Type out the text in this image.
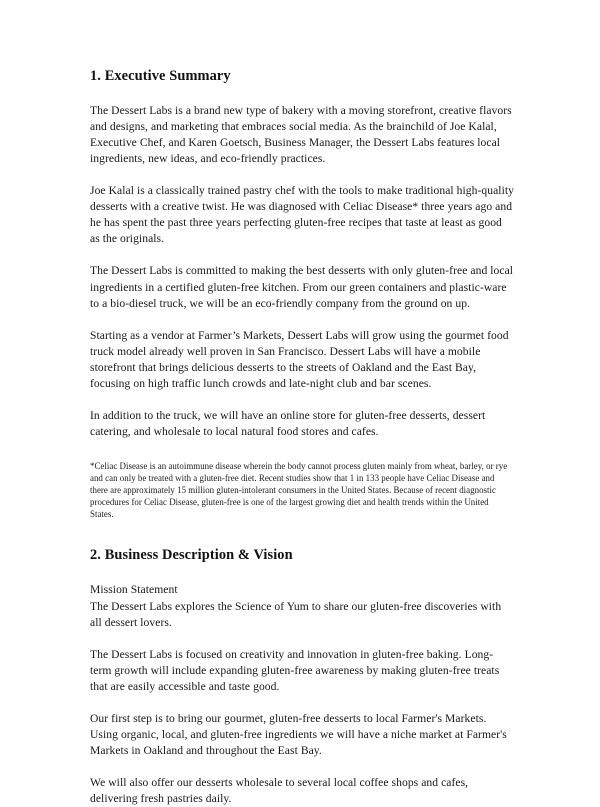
1. Executive Summary

The Dessert Labs is a brand new type of bakery with a moving storefront, creative flavors and designs, and marketing that embraces social media. As the brainchild of Joe Kalal, Executive Chef, and Karen Goetsch, Business Manager, the Dessert Labs features local ingredients, new ideas, and eco-friendly practices.

Joe Kalal is a classically trained pastry chef with the tools to make traditional high-quality desserts with a creative twist. He was diagnosed with Celiac Disease* three years ago and he has spent the past three years perfecting gluten-free recipes that taste at least as good as the originals.

The Dessert Labs is committed to making the best desserts with only gluten-free and local ingredients in a certified gluten-free kitchen. From our green containers and plastic-ware to a bio-diesel truck, we will be an eco-friendly company from the ground on up.

Starting as a vendor at Farmer’s Markets, Dessert Labs will grow using the gourmet food truck model already well proven in San Francisco. Dessert Labs will have a mobile storefront that brings delicious desserts to the streets of Oakland and the East Bay, focusing on high traffic lunch crowds and late-night club and bar scenes.

In addition to the truck, we will have an online store for gluten-free desserts, dessert catering, and wholesale to local natural food stores and cafes.

*Celiac Disease is an autoimmune disease wherein the body cannot process gluten mainly from wheat, barley, or rye and can only be treated with a gluten-free diet. Recent studies show that 1 in 133 people have Celiac Disease and there are approximately 15 million gluten-intolerant consumers in the United States. Because of recent diagnostic procedures for Celiac Disease, gluten-free is one of the largest growing diet and health trends within the United States.

2. Business Description & Vision

Mission Statement

The Dessert Labs explores the Science of Yum to share our gluten-free discoveries with all dessert lovers.

The Dessert Labs is focused on creativity and innovation in gluten-free baking. Long-term growth will include expanding gluten-free awareness by making gluten-free treats that are easily accessible and taste good.

Our first step is to bring our gourmet, gluten-free desserts to local Farmer's Markets. Using organic, local, and gluten-free ingredients we will have a niche market at Farmer's Markets in Oakland and throughout the East Bay.

We will also offer our desserts wholesale to several local coffee shops and cafes, delivering fresh pastries daily.
